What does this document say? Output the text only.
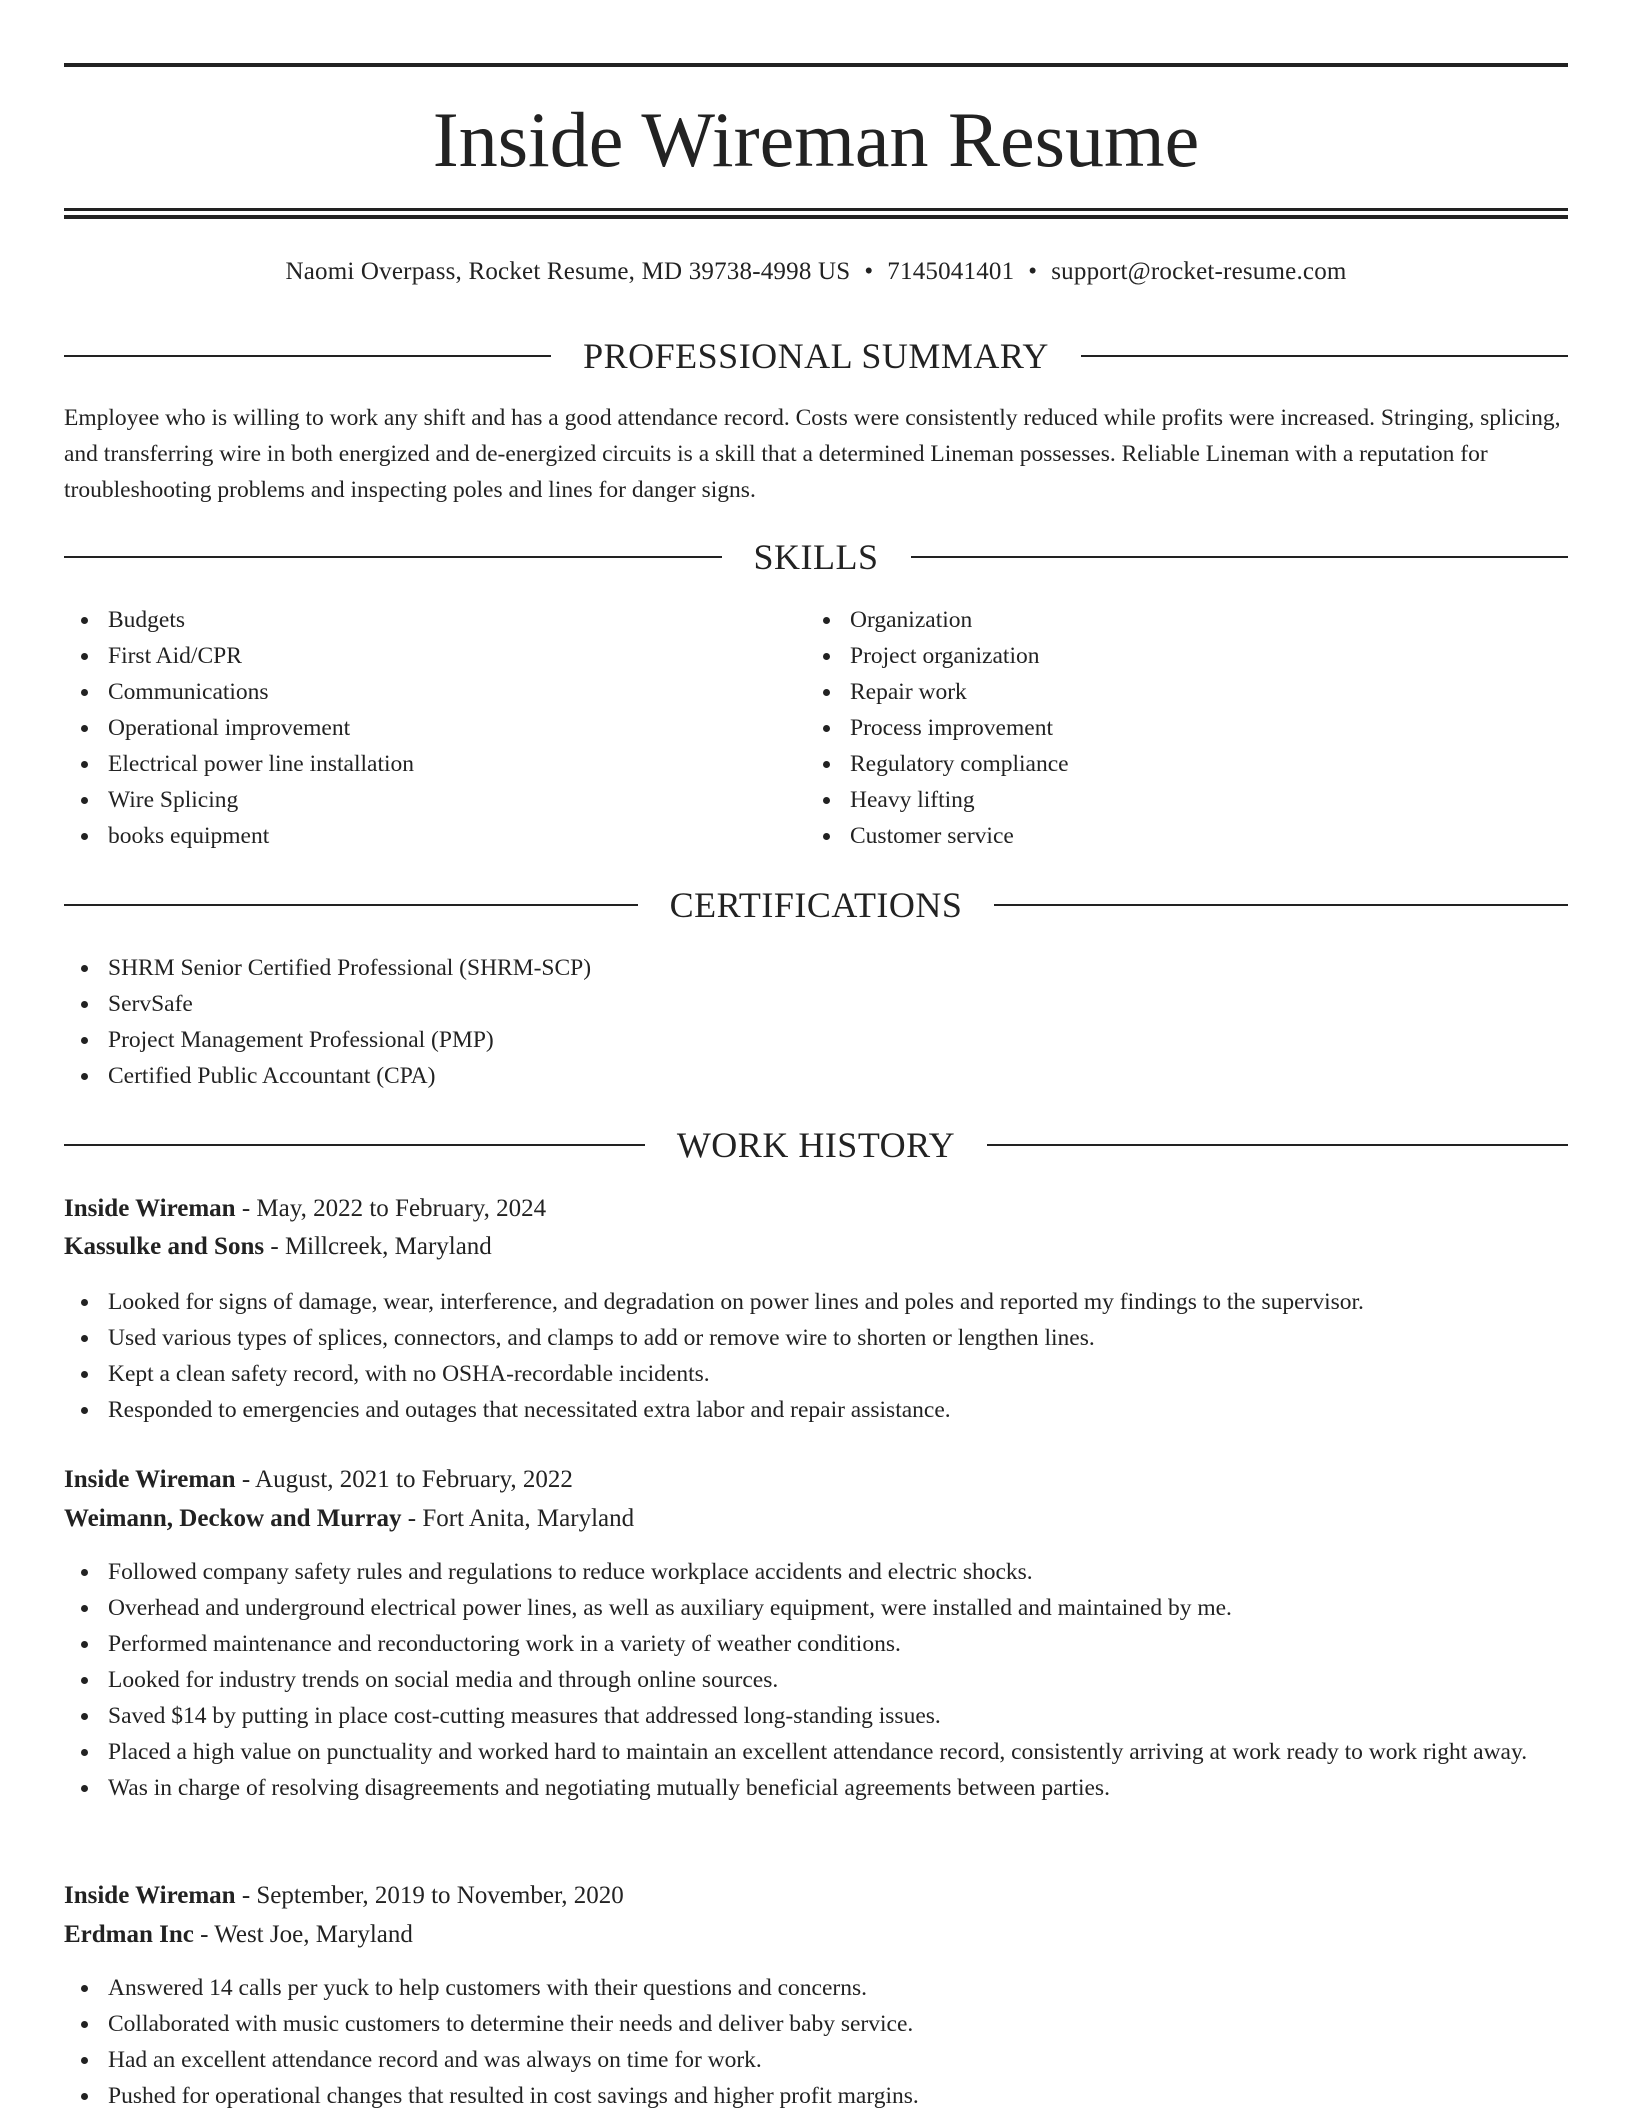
Inside Wireman Resume
Naomi Overpass, Rocket Resume, MD 39738-4998 US • 7145041401 • support@rocket-resume.com
PROFESSIONAL SUMMARY

Employee who is willing to work any shift and has a good attendance record. Costs were consistently reduced while profits were increased. Stringing, splicing, and transferring wire in both energized and de-energized circuits is a skill that a determined Lineman possesses. Reliable Lineman with a reputation for troubleshooting problems and inspecting poles and lines for danger signs.

SKILLS
Budgets
First Aid/CPR
Communications
Operational improvement
Electrical power line installation
Wire Splicing
books equipment
Organization
Project organization
Repair work
Process improvement
Regulatory compliance
Heavy lifting
Customer service
CERTIFICATIONS
SHRM Senior Certified Professional (SHRM-SCP)
ServSafe
Project Management Professional (PMP)
Certified Public Accountant (CPA)
WORK HISTORY
Inside Wireman - May, 2022 to February, 2024
Kassulke and Sons - Millcreek, Maryland
Looked for signs of damage, wear, interference, and degradation on power lines and poles and reported my findings to the supervisor.
Used various types of splices, connectors, and clamps to add or remove wire to shorten or lengthen lines.
Kept a clean safety record, with no OSHA-recordable incidents.
Responded to emergencies and outages that necessitated extra labor and repair assistance.
Inside Wireman - August, 2021 to February, 2022
Weimann, Deckow and Murray - Fort Anita, Maryland
Followed company safety rules and regulations to reduce workplace accidents and electric shocks.
Overhead and underground electrical power lines, as well as auxiliary equipment, were installed and maintained by me.
Performed maintenance and reconductoring work in a variety of weather conditions.
Looked for industry trends on social media and through online sources.
Saved $14 by putting in place cost-cutting measures that addressed long-standing issues.
Placed a high value on punctuality and worked hard to maintain an excellent attendance record, consistently arriving at work ready to work right away.
Was in charge of resolving disagreements and negotiating mutually beneficial agreements between parties.
Inside Wireman - September, 2019 to November, 2020
Erdman Inc - West Joe, Maryland
Answered 14 calls per yuck to help customers with their questions and concerns.
Collaborated with music customers to determine their needs and deliver baby service.
Had an excellent attendance record and was always on time for work.
Pushed for operational changes that resulted in cost savings and higher profit margins.
